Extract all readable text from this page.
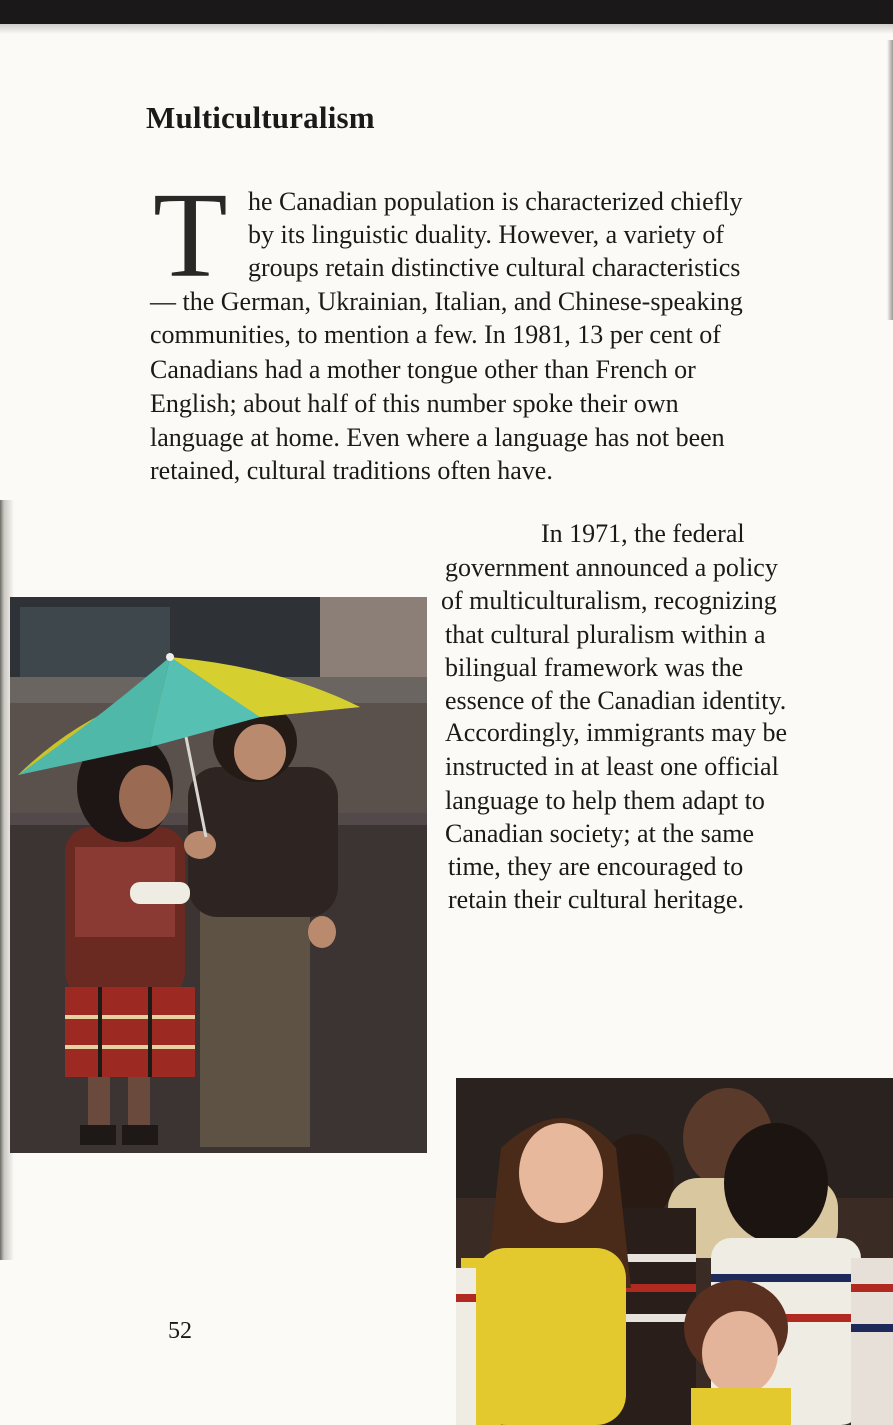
Multiculturalism
T he Canadian population is characterized chiefly
by its linguistic duality. However, a variety of
groups retain distinctive cultural characteristics
— the German, Ukrainian, Italian, and Chinese-speaking
communities, to mention a few. In 1981, 13 per cent of
Canadians had a mother tongue other than French or
English; about half of this number spoke their own
language at home. Even where a language has not been
retained, cultural traditions often have.
In 1971, the federal
government announced a policy
of multiculturalism, recognizing
that cultural pluralism within a
bilingual framework was the
essence of the Canadian identity.
Accordingly, immigrants may be
instructed in at least one official
language to help them adapt to
Canadian society; at the same
time, they are encouraged to
retain their cultural heritage.
52
